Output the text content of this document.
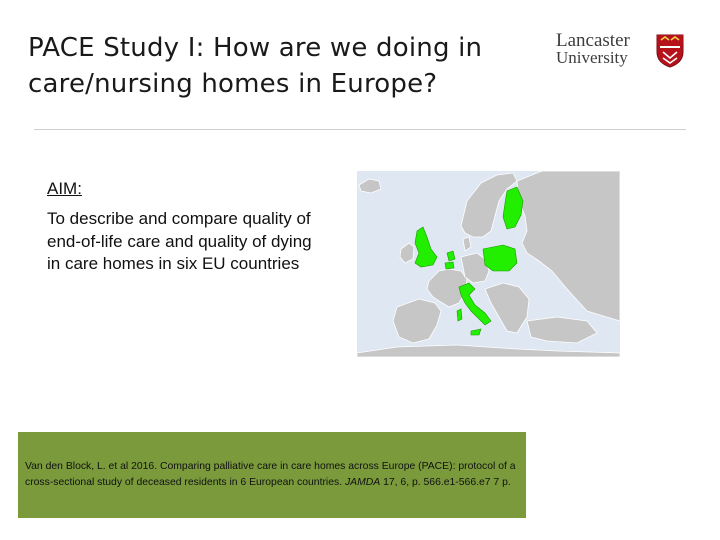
PACE Study I: How are we doing in care/nursing homes in Europe?
Lancaster
University
AIM:
To describe and compare quality of end-of-life care and quality of dying in care homes in six EU countries
Van den Block, L. et al 2016. Comparing palliative care in care homes across Europe (PACE): protocol of a cross-sectional study of deceased residents in 6 European countries. JAMDA 17, 6, p. 566.e1-566.e7 7 p.
